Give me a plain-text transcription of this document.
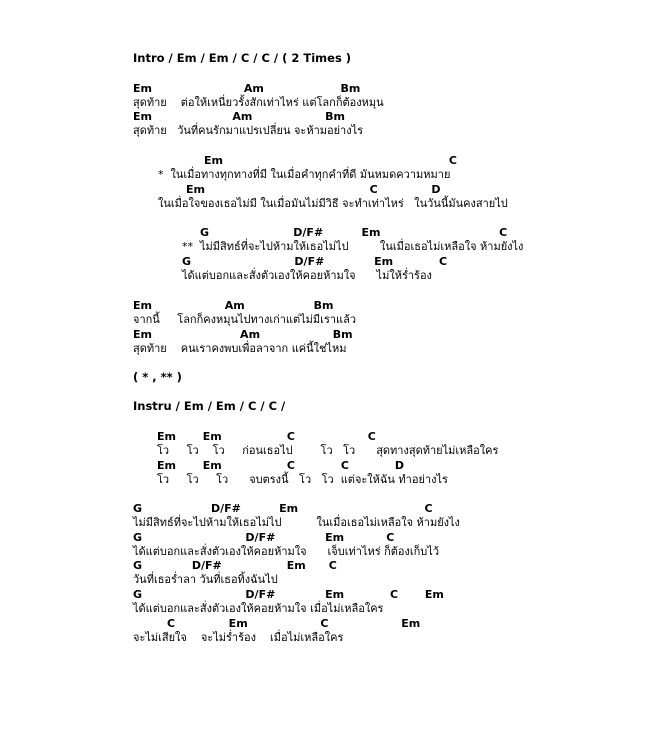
Intro / Em / Em / C / C / ( 2 Times )
Em                        Am                    Bm
สุดท้าย    ต่อให้เหนี่ยวรั้งสักเท่าไหร่ แต่โลกก็ต้องหมุน
Em                     Am                   Bm
สุดท้าย   วันที่คนรักมาแปรเปลี่ยน จะห้ามอย่างไร
Em                                                           C
*  ในเมื่อทางทุกทางที่มี ในเมื่อคำทุกคำที่ดี มันหมดความหมาย
Em                                           C              D
ในเมื่อใจของเธอไม่มี ในเมื่อมันไม่มีวิธี จะทำเท่าไหร่   ในวันนี้มันคงสายไป
G                      D/F#          Em                               C
**  ไม่มีสิทธ์ที่จะไปห้ามให้เธอไม่ไป         ในเมื่อเธอไม่เหลือใจ ห้ามยังไง
G                           D/F#             Em            C
ได้แต่บอกและสั่งตัวเองให้คอยห้ามใจ      ไม่ให้ร่ำร้อง
Em                   Am                  Bm
จากนี้     โลกก็คงหมุนไปทางเก่าแต่ไม่มีเราแล้ว
Em                       Am                   Bm
สุดท้าย    คนเราคงพบเพื่อลาจาก แค่นี้ใช่ไหม
( * , ** )
Instru / Em / Em / C / C /
Em       Em                 C                   C
โว     โว    โว     ก่อนเธอไป        โว   โว      สุดทางสุดท้ายไม่เหลือใคร
Em       Em                 C            C            D
โว     โว     โว      จบตรงนี้   โว   โว  แต่จะให้ฉัน ทำอย่างไร
G                  D/F#          Em                                 C
ไม่มีสิทธ์ที่จะไปห้ามให้เธอไม่ไป          ในเมื่อเธอไม่เหลือใจ ห้ามยังไง
G                           D/F#             Em           C
ได้แต่บอกและสั่งตัวเองให้คอยห้ามใจ      เจ็บเท่าไหร่ ก็ต้องเก็บไว้
G             D/F#                 Em      C
วันที่เธอร่ำลา วันที่เธอทิ้งฉันไป
G                           D/F#             Em            C       Em
ได้แต่บอกและสั่งตัวเองให้คอยห้ามใจ เมื่อไม่เหลือใคร
C              Em                   C                   Em
จะไม่เสียใจ    จะไม่ร่ำร้อง    เมื่อไม่เหลือใคร
